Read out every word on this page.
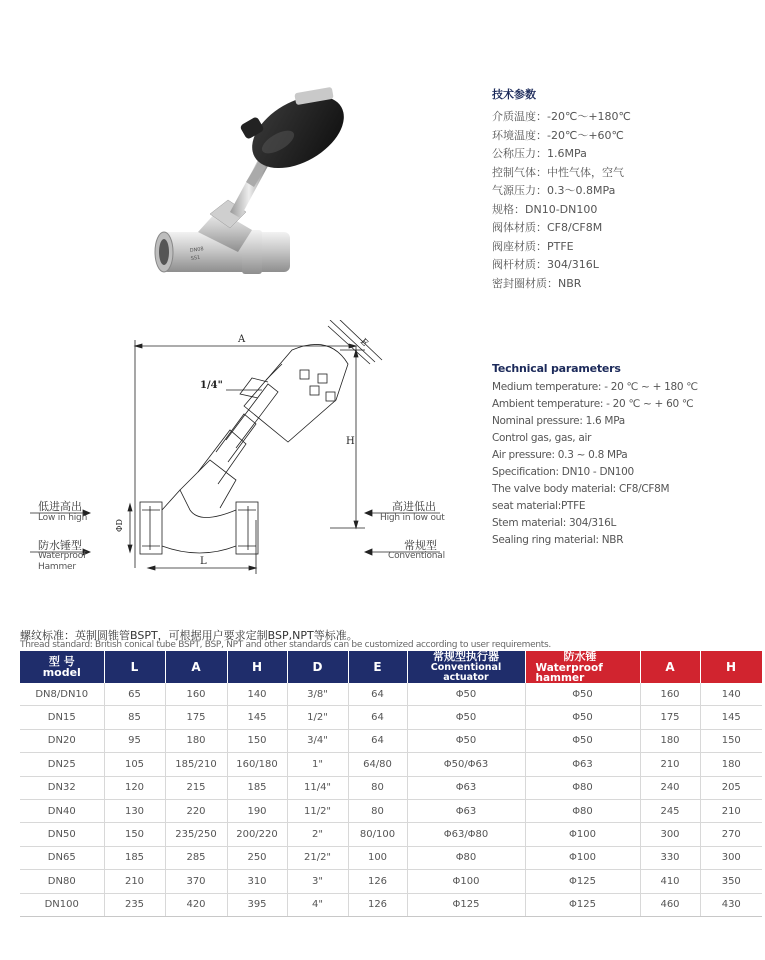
DN08
SS1
技术参数
介质温度：-20℃～+180℃
环境温度：-20℃～+60℃
公称压力：1.6MPa
控制气体：中性气体，空气
气源压力：0.3～0.8MPa
规格：DN10-DN100
阀体材质：CF8/CF8M
阀座材质：PTFE
阀杆材质：304/316L
密封圈材质：NBR
Technical parameters
Medium temperature: - 20 ℃ ~ + 180 ℃
Ambient temperature: - 20 ℃ ~ + 60 ℃
Nominal pressure: 1.6 MPa
Control gas, gas, air
Air pressure: 0.3 ~ 0.8 MPa
Specification: DN10 - DN100
The valve body material: CF8/CF8M
seat material:PTFE
Stem material: 304/316L
Sealing ring material: NBR
A
H
L
E
ΦD
1/4"
低进高出
Low in high
防水锤型
Waterproof
Hammer
高进低出
High in low out
常规型
Conventional
螺纹标准：英制圆锥管BSPT，可根据用户要求定制BSP,NPT等标准。
Thread standard: British conical tube BSPT, BSP, NPT and other standards can be customized according to user requirements.
型 号
model	L	A	H	D	E	常规型执行器
Conventional actuator	防水锤
Waterproof hammer	A	H
DN8/DN10	65	160	140	3/8"	64	Φ50	Φ50	160	140
DN15	85	175	145	1/2"	64	Φ50	Φ50	175	145
DN20	95	180	150	3/4"	64	Φ50	Φ50	180	150
DN25	105	185/210	160/180	1"	64/80	Φ50/Φ63	Φ63	210	180
DN32	120	215	185	11/4"	80	Φ63	Φ80	240	205
DN40	130	220	190	11/2"	80	Φ63	Φ80	245	210
DN50	150	235/250	200/220	2"	80/100	Φ63/Φ80	Φ100	300	270
DN65	185	285	250	21/2"	100	Φ80	Φ100	330	300
DN80	210	370	310	3"	126	Φ100	Φ125	410	350
DN100	235	420	395	4"	126	Φ125	Φ125	460	430
